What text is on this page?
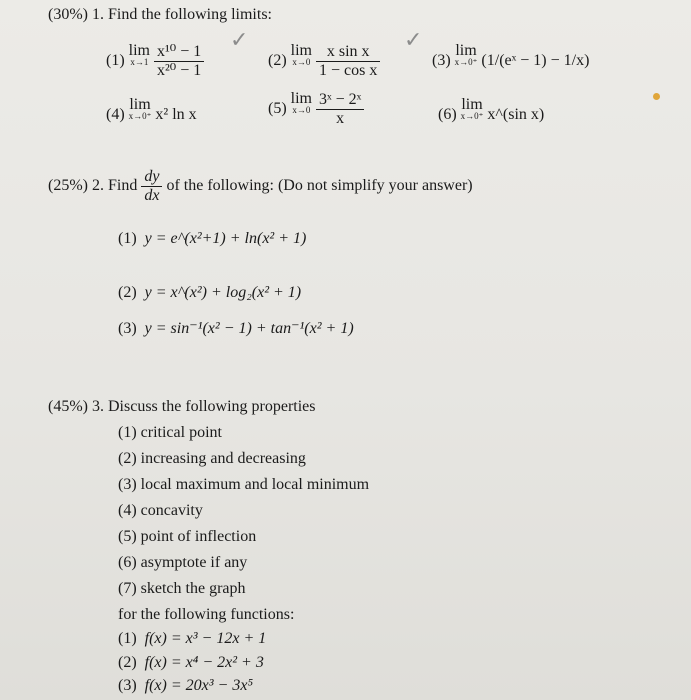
(30%) 1. Find the following limits:
(1) lim
x→1
$\frac{\text{x¹⁰ − 1}}{\text{x²⁰ − 1}}$
✓
(2) lim
x→0
$\frac{\text{x sin x}}{\text{1 − cos x}}$
✓
(3) lim
x→0⁺ (1/(eˣ − 1) − 1/x)
(4) lim
x→0⁺ x² ln x	(5) lim
x→0
$\frac{\text{3ˣ − 2ˣ}}{x}$	(6) lim
x→0⁺ x^(sin x)
(25%) 2. Find $\frac{dy}{dx}$ of the following: (Do not simplify your answer)
(1) y = e^(x²+1) + ln(x² + 1)
(2) y = x^(x²) + log₂(x² + 1)
(3) y = sin⁻¹(x² − 1) + tan⁻¹(x² + 1)
(45%) 3. Discuss the following properties
(1) critical point
(2) increasing and decreasing
(3) local maximum and local minimum
(4) concavity
(5) point of inflection
(6) asymptote if any
(7) sketch the graph
for the following functions:
(1) f(x) = x³ − 12x + 1
(2) f(x) = x⁴ − 2x² + 3
(3) f(x) = 20x³ − 3x⁵
